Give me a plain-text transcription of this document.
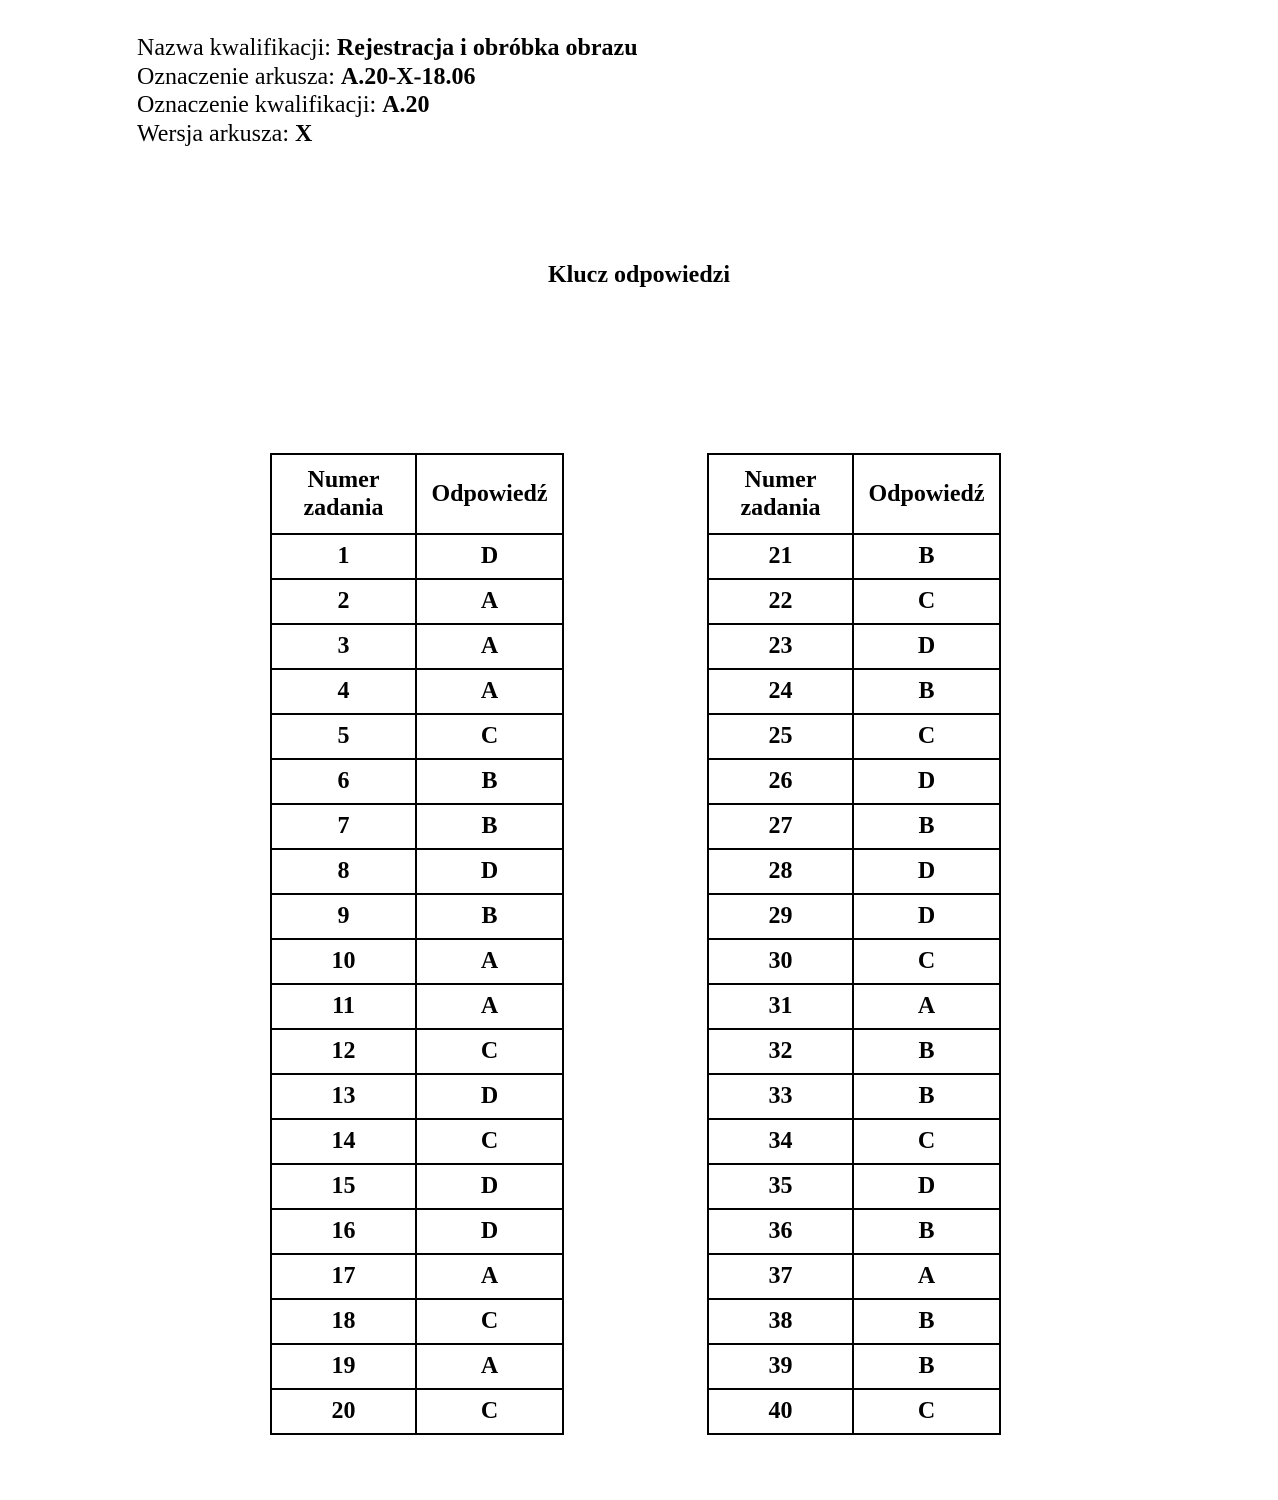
Nazwa kwalifikacji: Rejestracja i obróbka obrazu
Oznaczenie arkusza: A.20-X-18.06
Oznaczenie kwalifikacji: A.20
Wersja arkusza: X
Klucz odpowiedzi
Numer
zadania	Odpowiedź
1	D
2	A
3	A
4	A
5	C
6	B
7	B
8	D
9	B
10	A
11	A
12	C
13	D
14	C
15	D
16	D
17	A
18	C
19	A
20	C
Numer
zadania	Odpowiedź
21	B
22	C
23	D
24	B
25	C
26	D
27	B
28	D
29	D
30	C
31	A
32	B
33	B
34	C
35	D
36	B
37	A
38	B
39	B
40	C
